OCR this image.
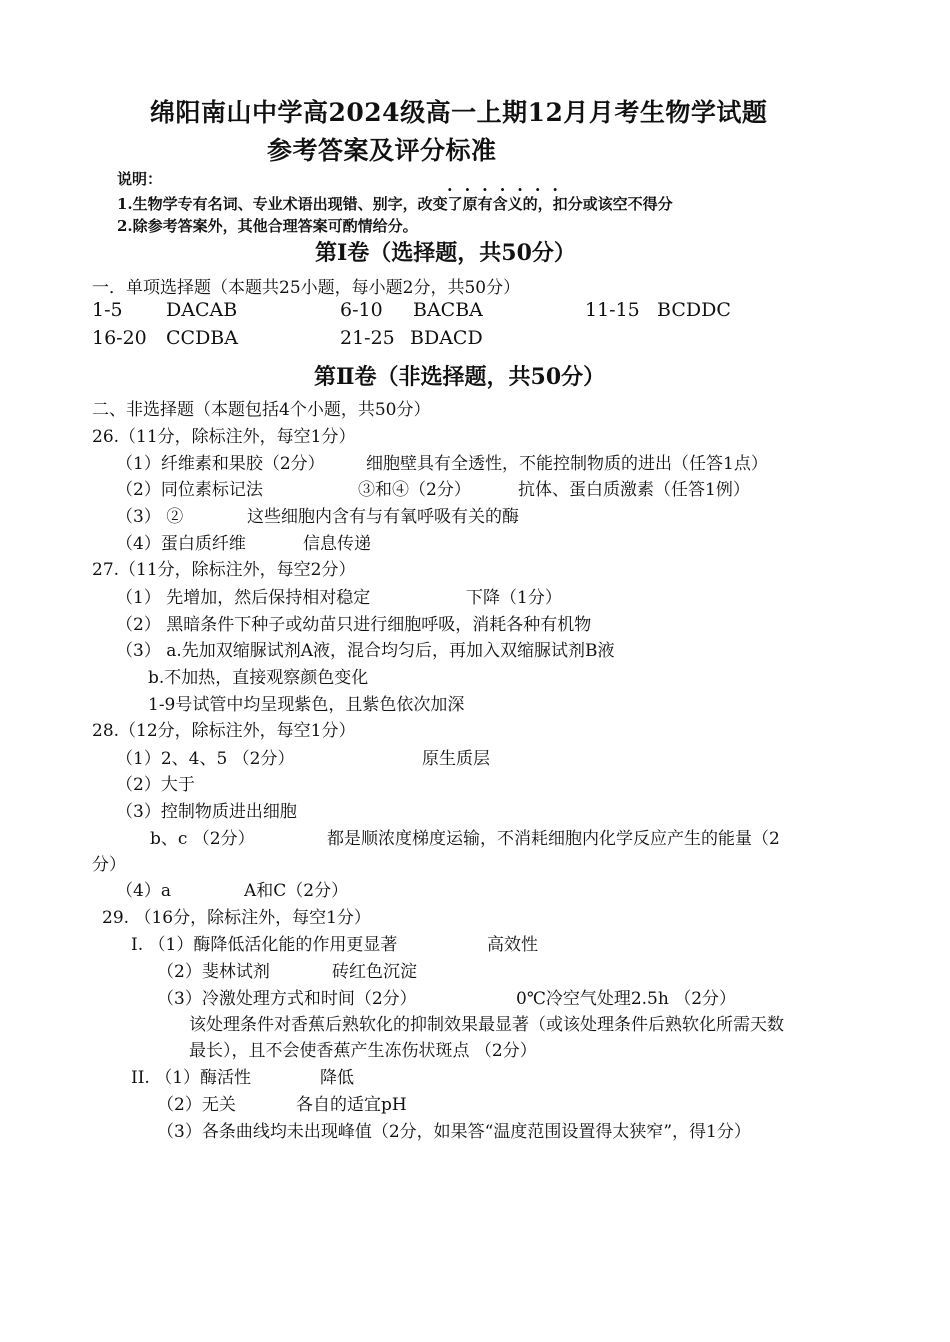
绵阳南山中学高2024级高一上期12月月考生物学试题
参考答案及评分标准
说明：
·······
1.生物学专有名词、专业术语出现错、别字，改变了原有含义的，扣分或该空不得分
2.除参考答案外，其他合理答案可酌情给分。
第Ⅰ卷（选择题，共50分）
一．单项选择题（本题共25小题，每小题2分，共50分）
1-5 DACAB	6-10 BACBA	11-15 BCDDC
16-20 CCDBA	21-25 BDACD
第Ⅱ卷（非选择题，共50分）
二、非选择题（本题包括4个小题，共50分）
26.（11分，除标注外，每空1分）
（1）纤维素和果胶（2分） 细胞壁具有全透性，不能控制物质的进出（任答1点）
（2）同位素标记法	③和④（2分）	抗体、蛋白质激素（任答1例）
（3） ②	这些细胞内含有与有氧呼吸有关的酶
（4）蛋白质纤维	信息传递
27.（11分，除标注外，每空2分）
（1） 先增加，然后保持相对稳定	下降（1分）
（2） 黑暗条件下种子或幼苗只进行细胞呼吸，消耗各种有机物
（3） a.先加双缩脲试剂A液，混合均匀后，再加入双缩脲试剂B液
b.不加热，直接观察颜色变化
1-9号试管中均呈现紫色，且紫色依次加深
28.（12分，除标注外，每空1分）
（1）2、4、5 （2分）	原生质层
（2）大于
（3）控制物质进出细胞
b、c （2分）	都是顺浓度梯度运输，不消耗细胞内化学反应产生的能量（2
分）
（4）a	A和C（2分）
29. （16分，除标注外，每空1分）
I. （1）酶降低活化能的作用更显著	高效性
（2）斐林试剂	砖红色沉淀
（3）冷激处理方式和时间（2分）	0℃冷空气处理2.5h （2分）
该处理条件对香蕉后熟软化的抑制效果最显著（或该处理条件后熟软化所需天数
最长），且不会使香蕉产生冻伤状斑点 （2分）
II. （1）酶活性	降低
（2）无关	各自的适宜pH
（3）各条曲线均未出现峰值（2分，如果答“温度范围设置得太狭窄”，得1分）
